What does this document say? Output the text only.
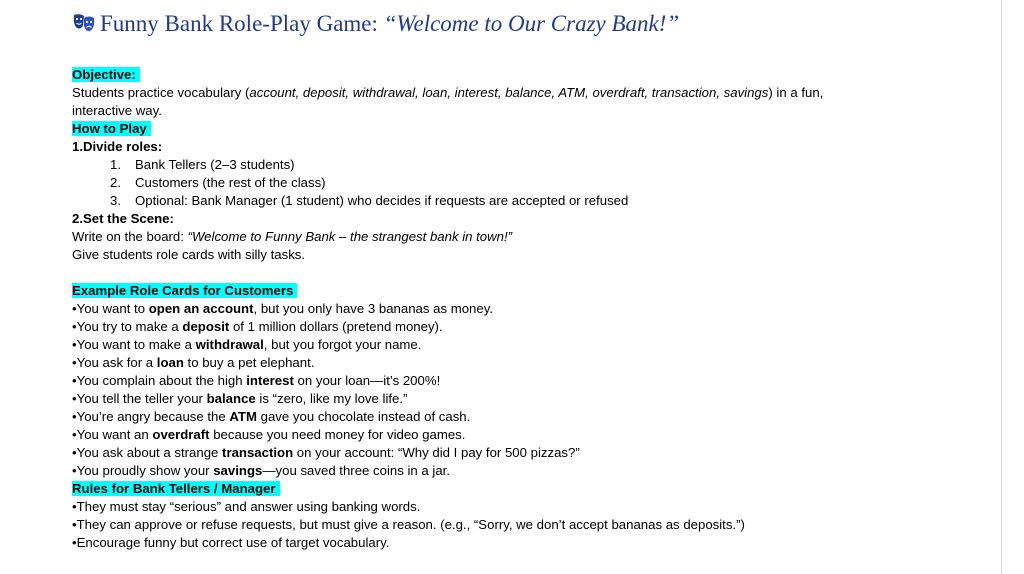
Funny Bank Role-Play Game: “Welcome to Our Crazy Bank!”
Objective:
Students practice vocabulary (account, deposit, withdrawal, loan, interest, balance, ATM, overdraft, transaction, savings) in a fun,
interactive way.
How to Play
1.Divide roles:
1. Bank Tellers (2–3 students)
2. Customers (the rest of the class)
3. Optional: Bank Manager (1 student) who decides if requests are accepted or refused
2.Set the Scene:
Write on the board: “Welcome to Funny Bank – the strangest bank in town!”
Give students role cards with silly tasks.
Example Role Cards for Customers
•You want to open an account, but you only have 3 bananas as money.
•You try to make a deposit of 1 million dollars (pretend money).
•You want to make a withdrawal, but you forgot your name.
•You ask for a loan to buy a pet elephant.
•You complain about the high interest on your loan—it’s 200%!
•You tell the teller your balance is “zero, like my love life.”
•You’re angry because the ATM gave you chocolate instead of cash.
•You want an overdraft because you need money for video games.
•You ask about a strange transaction on your account: “Why did I pay for 500 pizzas?”
•You proudly show your savings—you saved three coins in a jar.
Rules for Bank Tellers / Manager
•They must stay “serious” and answer using banking words.
•They can approve or refuse requests, but must give a reason. (e.g., “Sorry, we don’t accept bananas as deposits.”)
•Encourage funny but correct use of target vocabulary.
